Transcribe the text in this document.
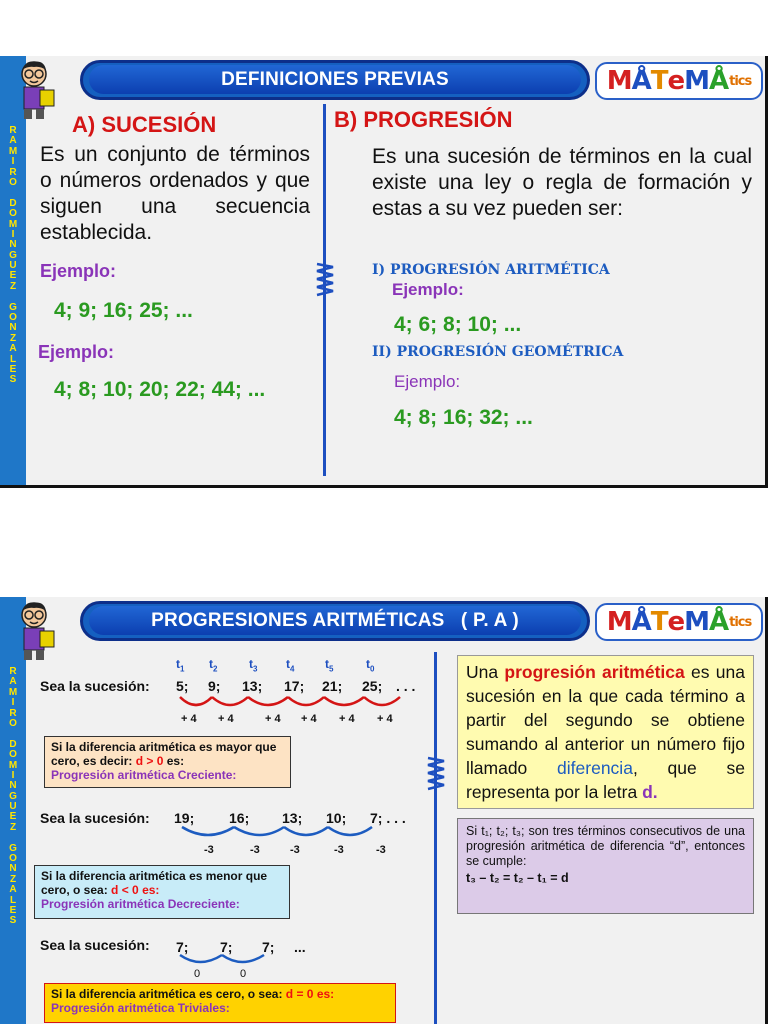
R
A
M
I
R
O

D
O
M
I
N
G
U
E
Z

G
O
N
Z
A
L
E
S
DEFINICIONES PREVIAS	M Å T e M Å tics
A) SUCESIÓN
Es un conjunto de términos o números ordenados y que siguen una secuencia establecida.
Ejemplo:
4; 9; 16; 25; ...
Ejemplo:
4; 8; 10; 20; 22; 44; ...
B) PROGRESIÓN
Es una sucesión de términos en la cual existe una ley o regla de formación y estas a su vez pueden ser:
I) PROGRESIÓN ARITMÉTICA
Ejemplo:
4; 6; 8; 10; ...
II) PROGRESIÓN GEOMÉTRICA
Ejemplo:
4; 8; 16; 32; ...
R
A
M
I
R
O

D
O
M
I
N
G
U
E
Z

G
O
N
Z
A
L
E
S
PROGRESIONES ARITMÉTICAS   ( P. A )	M Å T e M Å tics
$t_1$ $t_2$	$t_3$ $t_4$	$t_5$	$t_0$
Sea la sucesión: 5; 9; 13; 17; 21; 25; . . .
+ 4 + 4	+ 4 + 4 + 4 + 4
Si la diferencia aritmética es mayor que cero, es decir: d > 0 es:
Progresión aritmética Creciente:
Sea la sucesión: 19; 16; 13; 10; 7; . . .
-3	-3	-3	-3	-3
Si la diferencia aritmética es menor que cero, o sea: d < 0 es:
Progresión aritmética Decreciente:
Sea la sucesión: 7; 7; 7; ...
0	0
Si la diferencia aritmética es cero, o sea: d = 0 es:
Progresión aritmética Triviales:
Una progresión aritmética es una sucesión en la que cada término a partir del segundo se obtiene sumando al anterior un número fijo llamado diferencia, que se representa por la letra d.
Si t₁; t₂; t₃; son tres términos consecutivos de una progresión aritmética de diferencia “d”, entonces se cumple:
t₃ – t₂ = t₂ – t₁ = d
